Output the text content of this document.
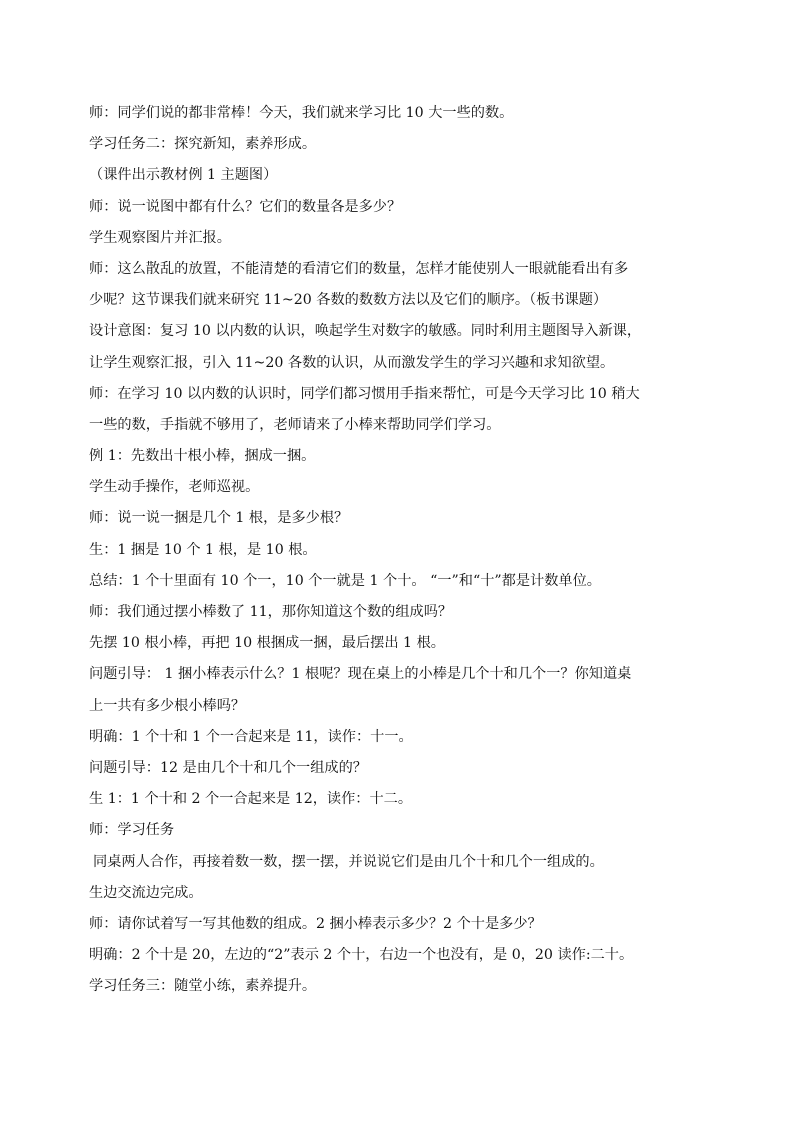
师：同学们说的都非常棒！今天，我们就来学习比 10 大一些的数。
学习任务二：探究新知，素养形成。
（课件出示教材例 1 主题图）
师：说一说图中都有什么？它们的数量各是多少？
学生观察图片并汇报。
师：这么散乱的放置，不能清楚的看清它们的数量，怎样才能使别人一眼就能看出有多
少呢？这节课我们就来研究 11~20 各数的数数方法以及它们的顺序。（板书课题）
设计意图：复习 10 以内数的认识，唤起学生对数字的敏感。同时利用主题图导入新课，
让学生观察汇报，引入 11~20 各数的认识，从而激发学生的学习兴趣和求知欲望。
师：在学习 10 以内数的认识时，同学们都习惯用手指来帮忙，可是今天学习比 10 稍大
一些的数，手指就不够用了，老师请来了小棒来帮助同学们学习。
例 1：先数出十根小棒，捆成一捆。
学生动手操作，老师巡视。
师：说一说一捆是几个 1 根，是多少根？
生：1 捆是 10 个 1 根，是 10 根。
总结：1 个十里面有 10 个一，10 个一就是 1 个十。 “一”和“十”都是计数单位。
师：我们通过摆小棒数了 11，那你知道这个数的组成吗？
先摆 10 根小棒，再把 10 根捆成一捆，最后摆出 1 根。
问题引导： 1 捆小棒表示什么？1 根呢？现在桌上的小棒是几个十和几个一？你知道桌
上一共有多少根小棒吗？
明确：1 个十和 1 个一合起来是 11，读作：十一。
问题引导：12 是由几个十和几个一组成的？
生 1：1 个十和 2 个一合起来是 12，读作：十二。
师：学习任务
同桌两人合作，再接着数一数，摆一摆，并说说它们是由几个十和几个一组成的。
生边交流边完成。
师：请你试着写一写其他数的组成。2 捆小棒表示多少？2 个十是多少？
明确：2 个十是 20，左边的“2”表示 2 个十，右边一个也没有，是 0，20 读作:二十。
学习任务三：随堂小练，素养提升。
